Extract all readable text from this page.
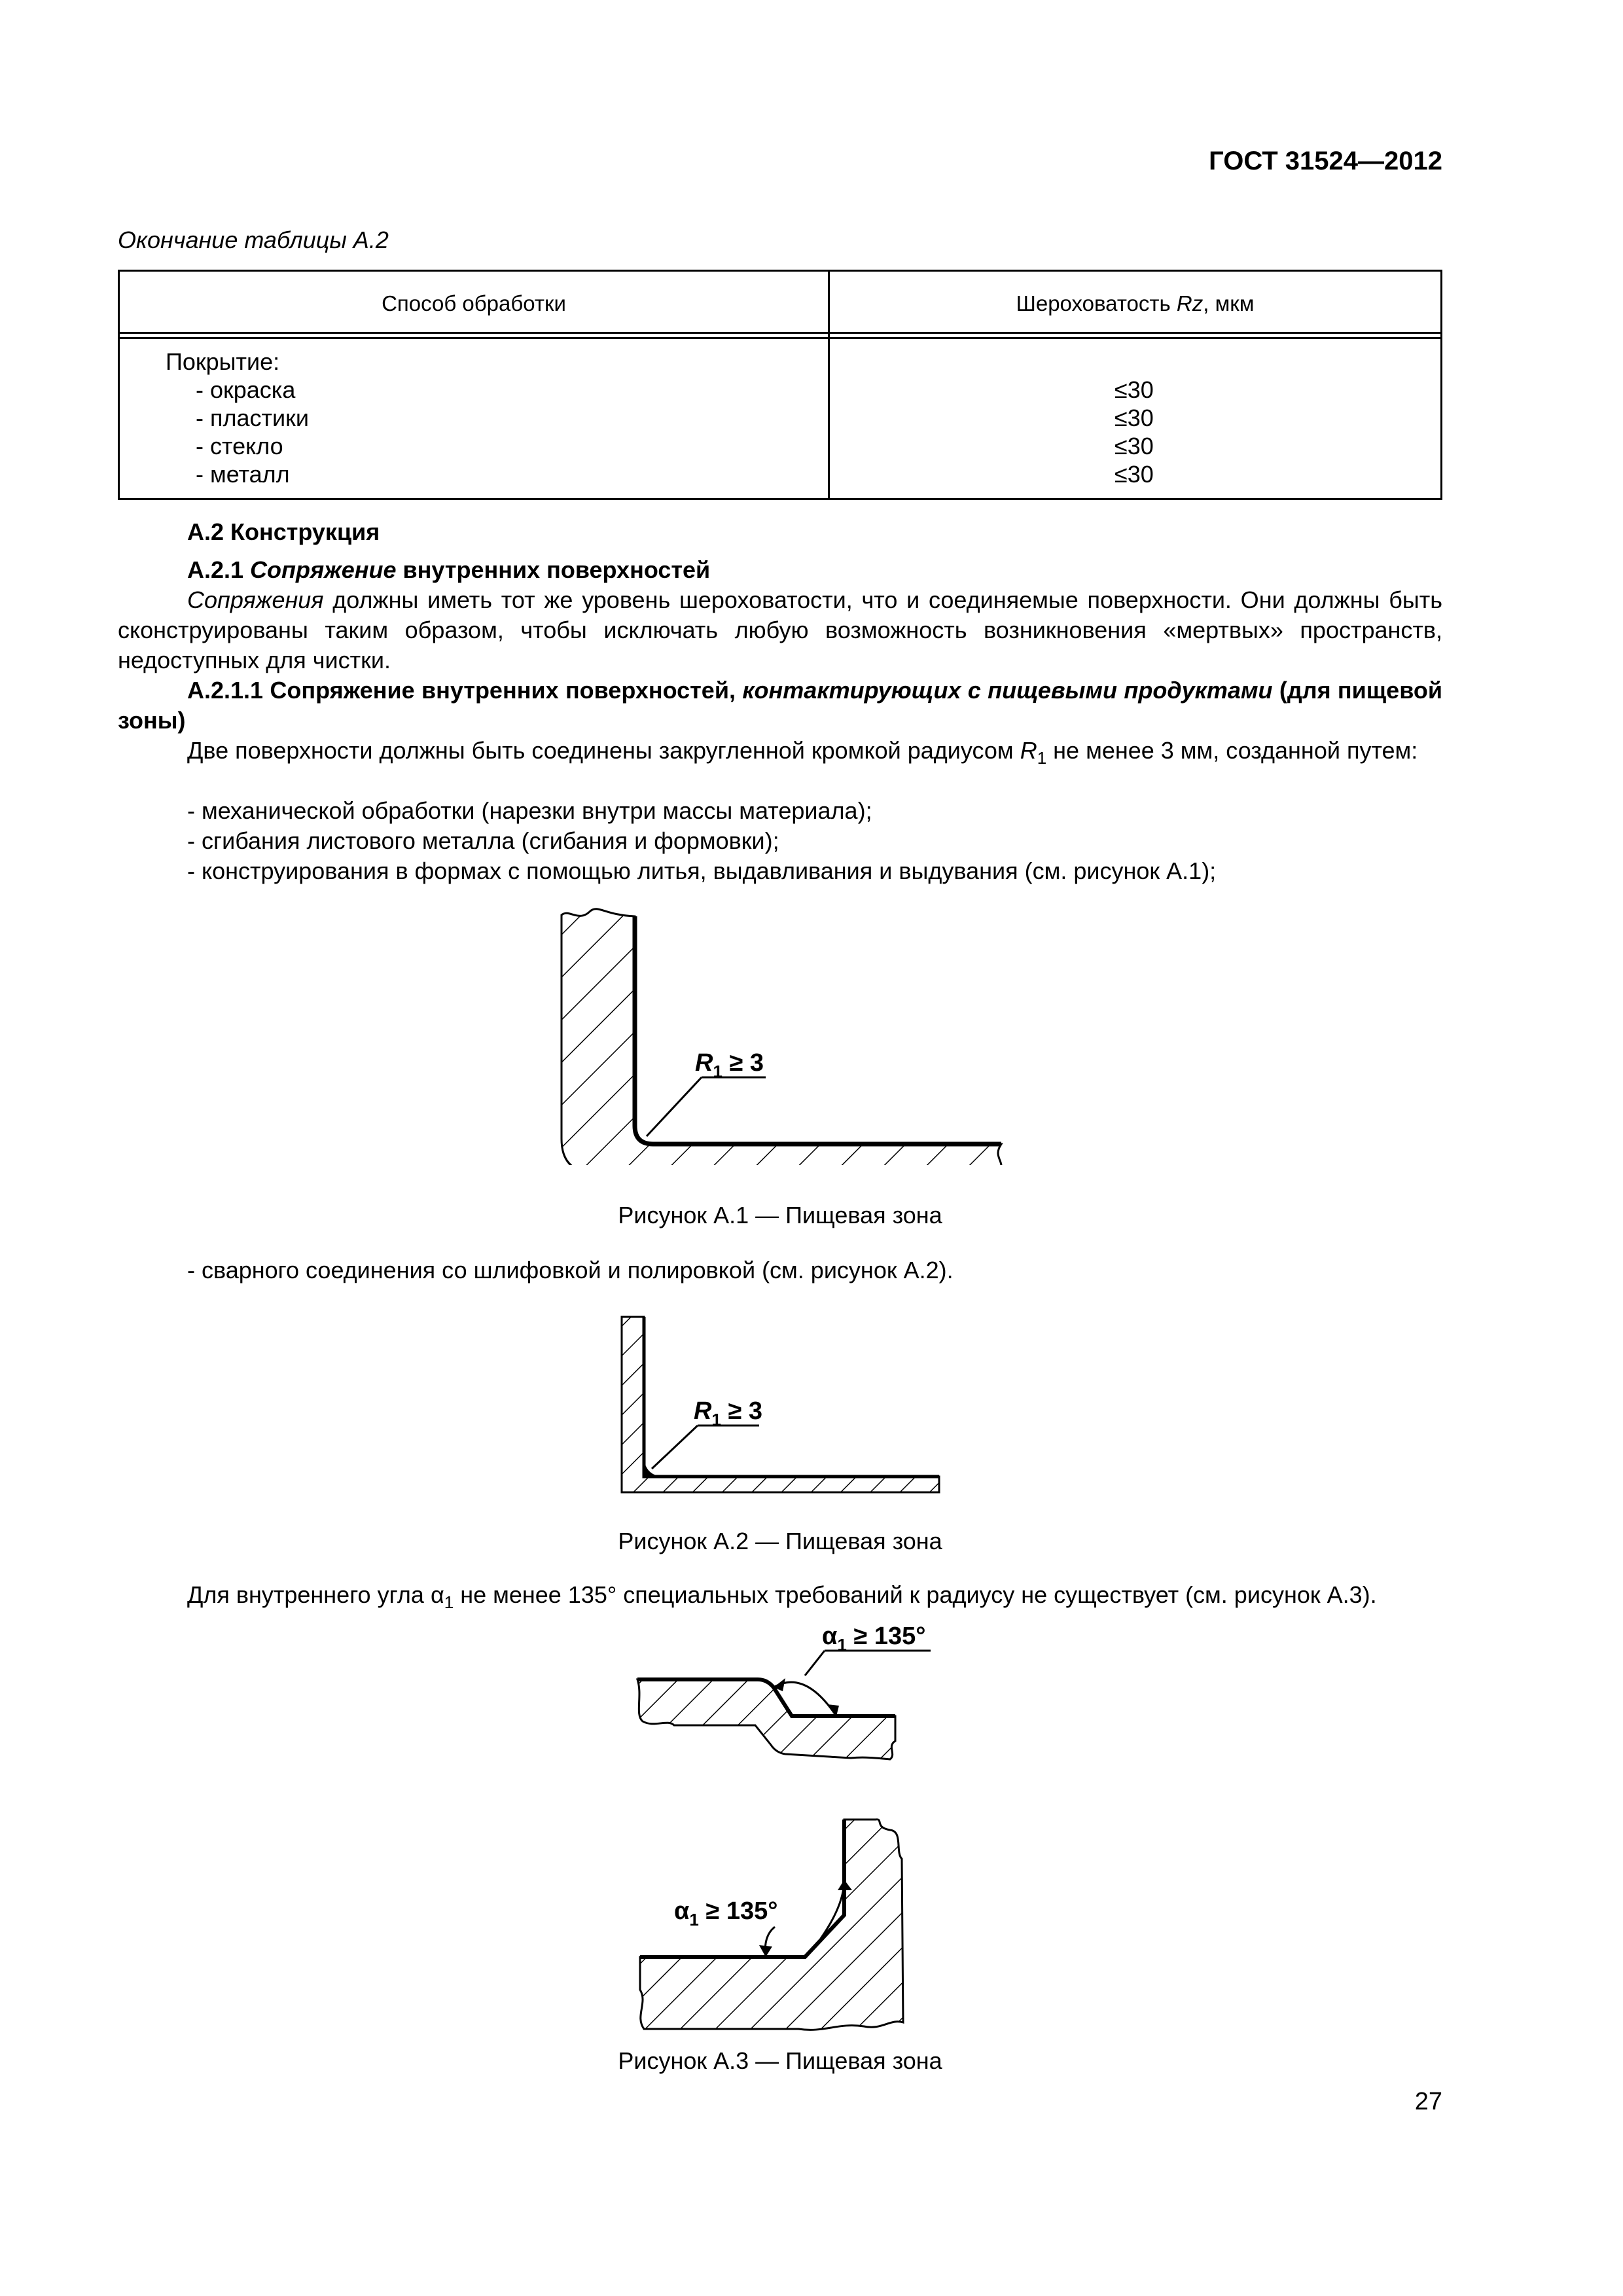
ГОСТ 31524—2012
Окончание таблицы А.2
Способ обработки	Шероховатость Rz, мкм
Покрытие:
- окраска
- пластики
- стекло
- металл
≤30
≤30
≤30
≤30
А.2 Конструкция
А.2.1 Сопряжение внутренних поверхностей
Сопряжения должны иметь тот же уровень шероховатости, что и соединяемые поверхности. Они должны быть сконструированы таким образом, чтобы исключать любую возможность возникновения «мертвых» пространств, недоступных для чистки.
А.2.1.1 Сопряжение внутренних поверхностей, контактирующих с пищевыми продуктами (для пищевой зоны)
Две поверхности должны быть соединены закругленной кромкой радиусом $R_1$ не менее 3 мм, созданной путем:
- механической обработки (нарезки внутри массы материала);
- сгибания листового металла (сгибания и формовки);
- конструирования в формах с помощью литья, выдавливания и выдувания (см. рисунок А.1);
$R_1 \ge 3$
Рисунок А.1 — Пищевая зона
- сварного соединения со шлифовкой и полировкой (см. рисунок А.2).
$R_1 \ge 3$
Рисунок А.2 — Пищевая зона
Для внутреннего угла $\alpha_1$ не менее 135° специальных требований к радиусу не существует (см. рисунок А.3).
$\alpha_1 \ge 135^\circ$
$\alpha_1 \ge 135^\circ$
Рисунок А.3 — Пищевая зона
27
